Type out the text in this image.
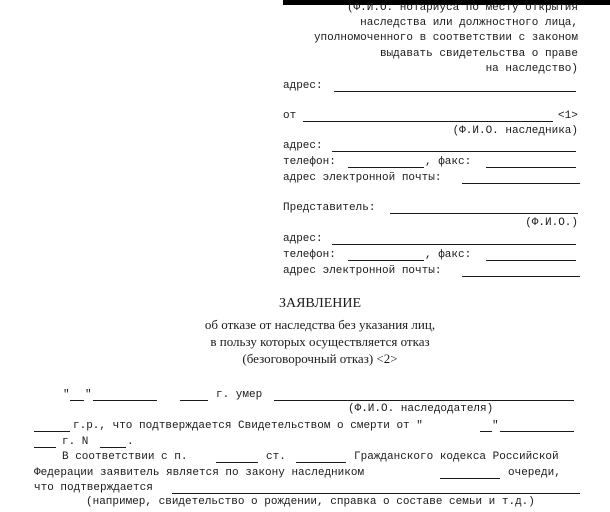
(Ф.И.О. нотариуса по месту открытия
наследства или должностного лица,
уполномоченного в соответствии с законом
выдавать свидетельства о праве
на наследство)
адрес:
от	<1>
(Ф.И.О. наследника)
адрес:
телефон:	, факс:
адрес электронной почты:
Представитель:
(Ф.И.О.)
адрес:
телефон:	, факс:
адрес электронной почты:
ЗАЯВЛЕНИЕ
об отказе от наследства без указания лиц,
в пользу которых осуществляется отказ
(безоговорочный отказ) <2>
" "	г. умер
(Ф.И.О. наследодателя)
г.р., что подтверждается Свидетельством о смерти от "	"
г. N	.
В соответствии с п.	ст.	Гражданского кодекса Российской
Федерации заявитель является по закону наследником	очереди,
что подтверждается
(например, свидетельство о рождении, справка о составе семьи и т.д.)
